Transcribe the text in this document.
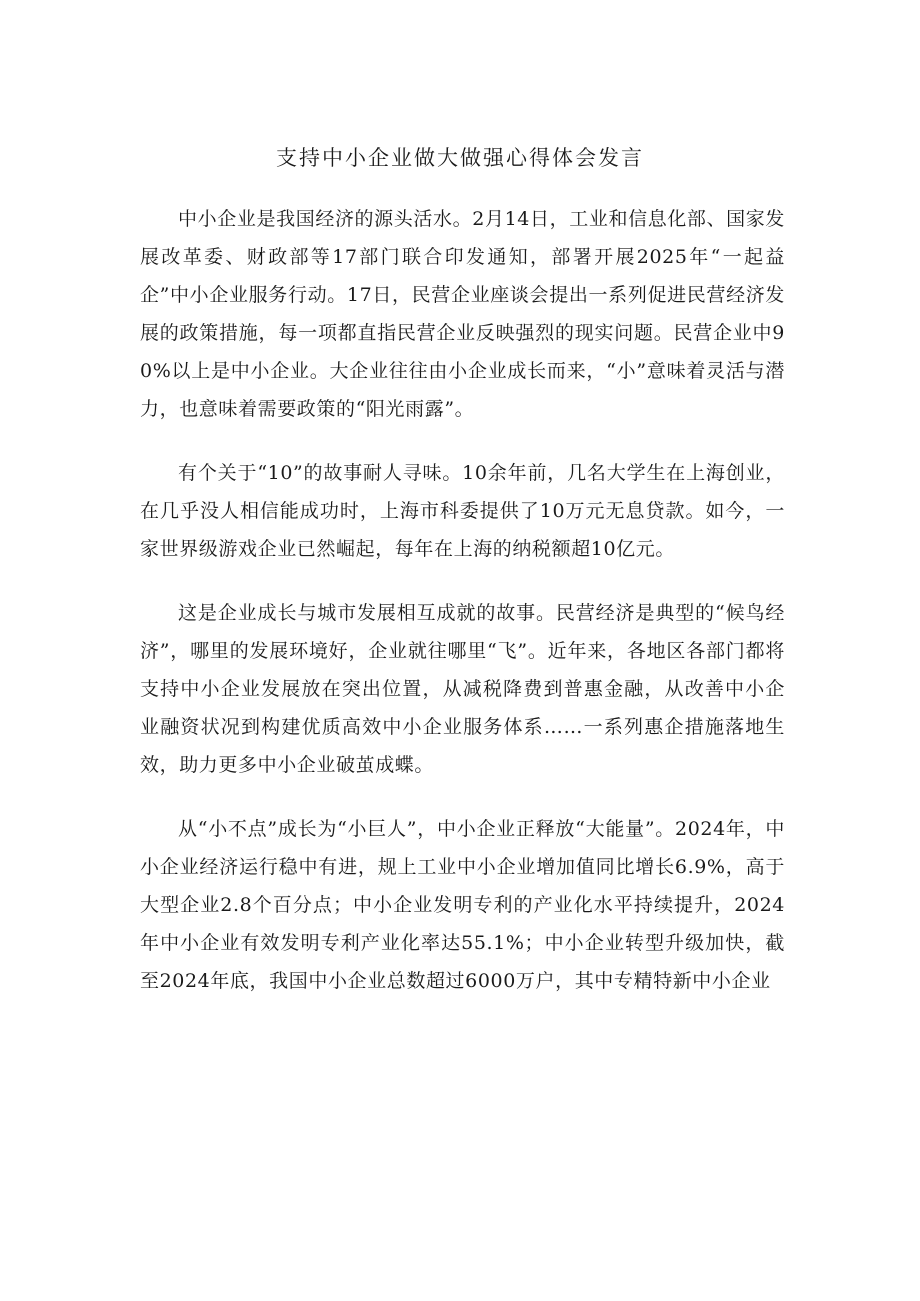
支持中小企业做大做强心得体会发言

中小企业是我国经济的源头活水。2月14日，工业和信息化部、国家发展改革委、财政部等17部门联合印发通知，部署开展2025年“一起益企”中小企业服务行动。17日，民营企业座谈会提出一系列促进民营经济发展的政策措施，每一项都直指民营企业反映强烈的现实问题。民营企业中90%以上是中小企业。大企业往往由小企业成长而来，“小”意味着灵活与潜力，也意味着需要政策的“阳光雨露”。

有个关于“10”的故事耐人寻味。10余年前，几名大学生在上海创业，在几乎没人相信能成功时，上海市科委提供了10万元无息贷款。如今，一家世界级游戏企业已然崛起，每年在上海的纳税额超10亿元。

这是企业成长与城市发展相互成就的故事。民营经济是典型的“候鸟经济”，哪里的发展环境好，企业就往哪里“飞”。近年来，各地区各部门都将支持中小企业发展放在突出位置，从减税降费到普惠金融，从改善中小企业融资状况到构建优质高效中小企业服务体系……一系列惠企措施落地生效，助力更多中小企业破茧成蝶。

从“小不点”成长为“小巨人”，中小企业正释放“大能量”。2024年，中小企业经济运行稳中有进，规上工业中小企业增加值同比增长6.9%，高于大型企业2.8个百分点；中小企业发明专利的产业化水平持续提升，2024年中小企业有效发明专利产业化率达55.1%；中小企业转型升级加快，截至2024年底，我国中小企业总数超过6000万户，其中专精特新中小企业
